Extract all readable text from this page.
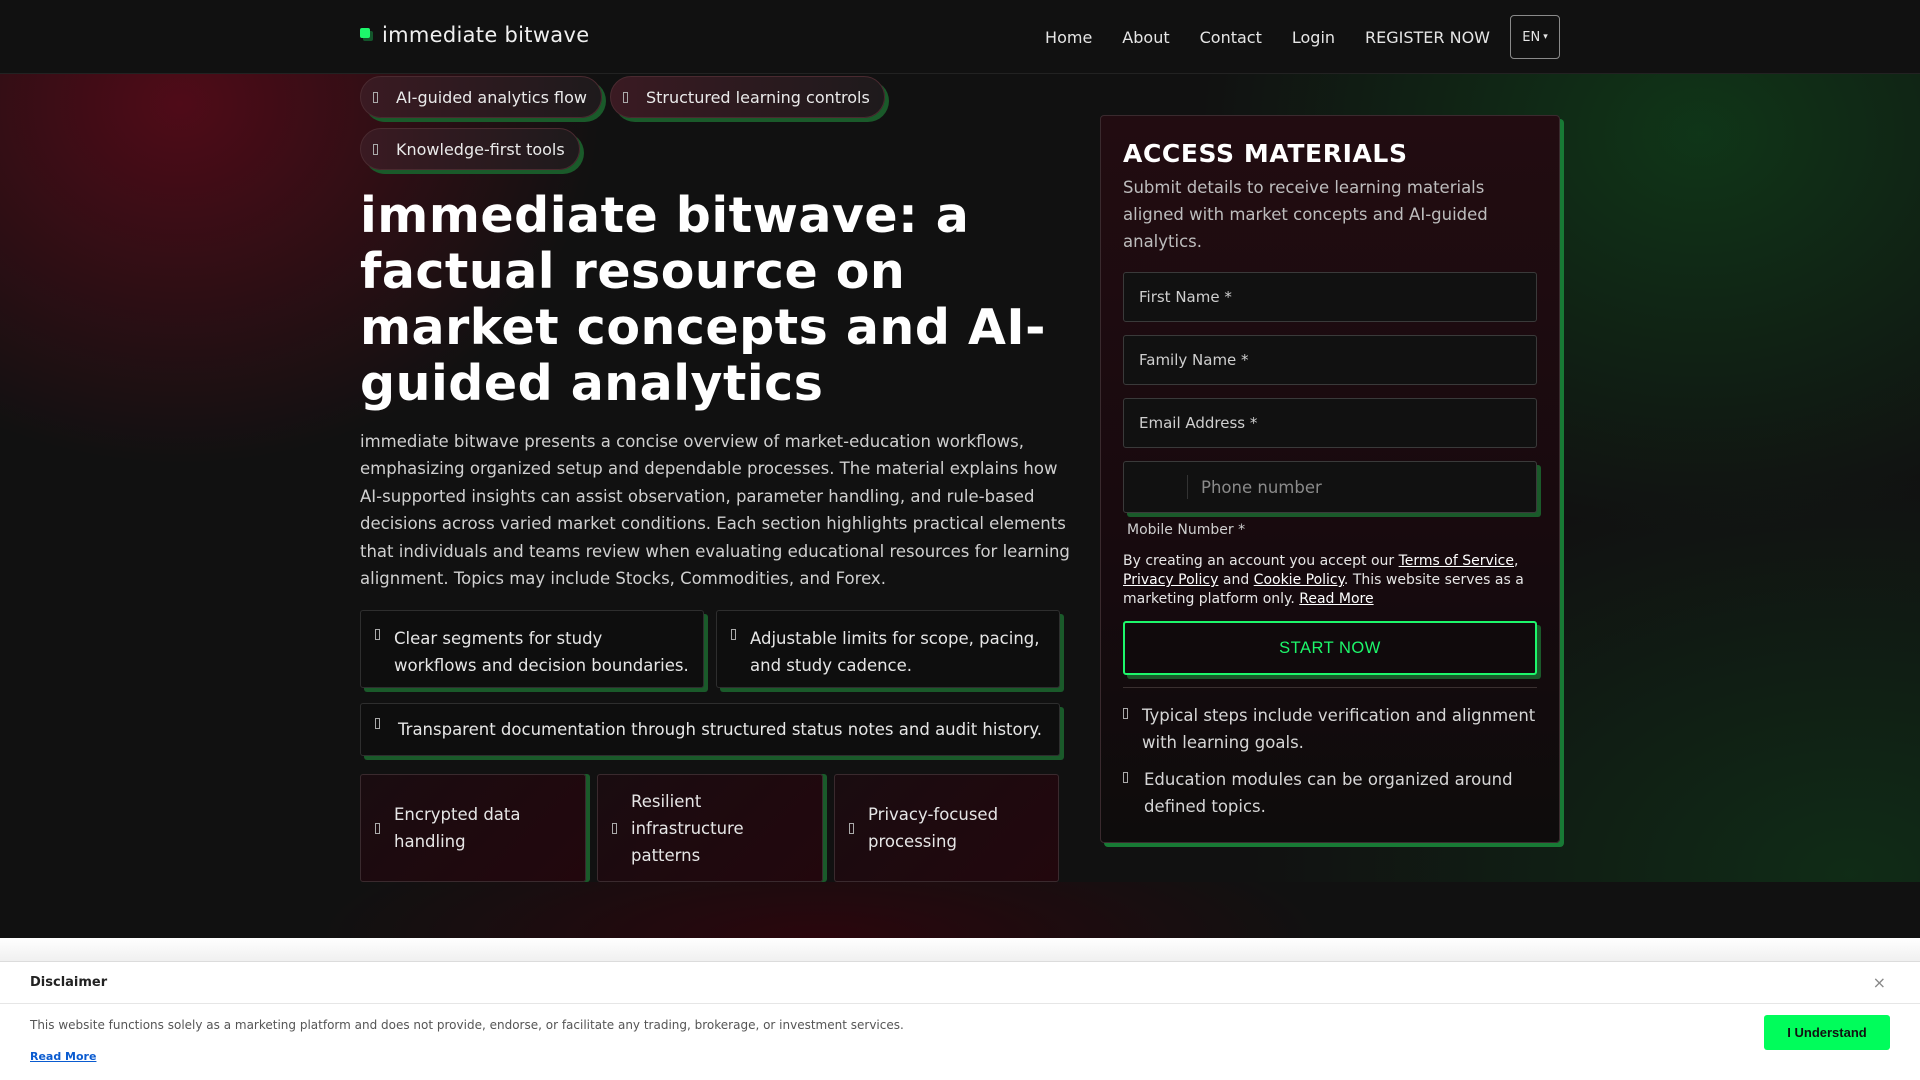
immediate bitwave	Home About Contact Login REGISTER NOW EN ▾
AI-guided analytics flow	Structured learning controls
Knowledge-first tools
immediate bitwave: a factual resource on market concepts and AI-guided analytics

immediate bitwave presents a concise overview of market-education workflows, emphasizing organized setup and dependable processes. The material explains how AI-supported insights can assist observation, parameter handling, and rule-based decisions across varied market conditions. Each section highlights practical elements that individuals and teams review when evaluating educational resources for learning alignment. Topics may include Stocks, Commodities, and Forex.

Clear segments for study workflows and decision boundaries.
Adjustable limits for scope, pacing, and study cadence.
Transparent documentation through structured status notes and audit history.
Encrypted data handling
Resilient infrastructure patterns
Privacy-focused processing
ACCESS MATERIALS

Submit details to receive learning materials aligned with market concepts and AI-guided analytics.

First Name *
Family Name *
Email Address *
Phone number
Mobile Number *

By creating an account you accept our Terms of Service,
Privacy Policy and Cookie Policy. This website serves as a marketing platform only. Read More

START NOW
Typical steps include verification and alignment with learning goals.
Education modules can be organized around defined topics.
Disclaimer	×

This website functions solely as a marketing platform and does not provide, endorse, or facilitate any trading, brokerage, or investment services.

Read More
I Understand
